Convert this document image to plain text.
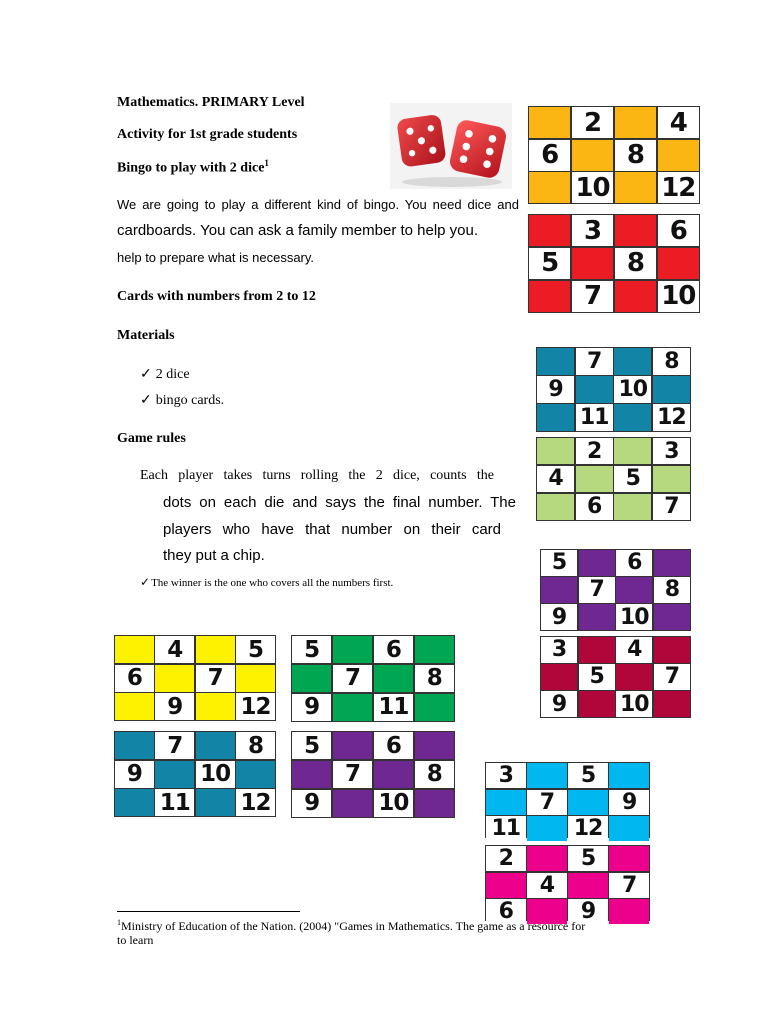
Mathematics. PRIMARY Level
Activity for 1st grade students
Bingo to play with 2 dice$^1$
We are going to play a different kind of bingo. You need dice and
cardboards. You can ask a family member to help you.
help to prepare what is necessary.
Cards with numbers from 2 to 12
Materials
✓ 2 dice
✓ bingo cards.
Game rules
Each player takes turns rolling the 2 dice, counts the
dots on each die and says the final number. The
players who have that number on their card
they put a chip.
✓The winner is the one who covers all the numbers first.
2	4
6	8
10 12
3	6
5	8
7	10
7	8
9	10
11 12
2	3
4	5
6	7
5	6
7	8
9	10
3	4
5	7
9	10
4	5
6	7
9	12
5	6
7	8
9	11
7	8
9	10
11 12
5	6
7	8
9	10
3	5
7	9
11 12
2	5
4	7
6	9
$^1$Ministry of Education of the Nation. (2004) "Games in Mathematics. The game as a resource for
to learn
